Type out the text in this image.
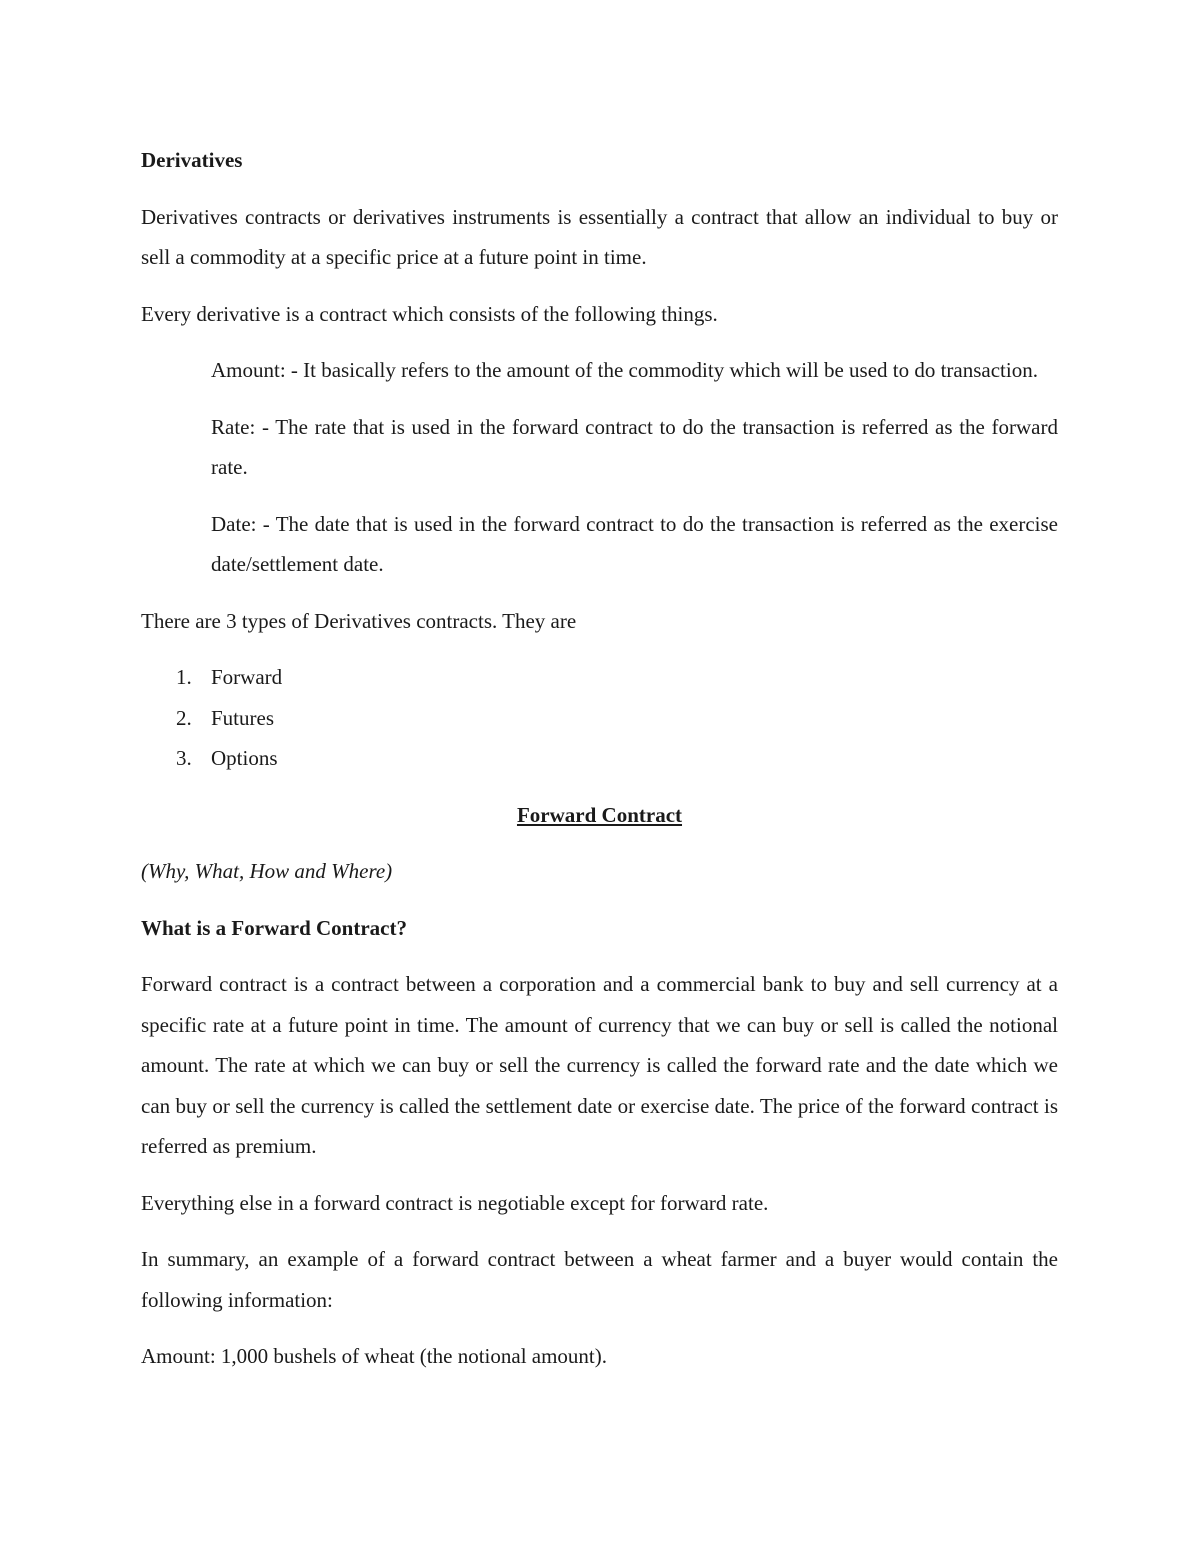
Derivatives

Derivatives contracts or derivatives instruments is essentially a contract that allow an individual to buy or sell a commodity at a specific price at a future point in time.

Every derivative is a contract which consists of the following things.

Amount: - It basically refers to the amount of the commodity which will be used to do transaction.

Rate: - The rate that is used in the forward contract to do the transaction is referred as the forward rate.

Date: - The date that is used in the forward contract to do the transaction is referred as the exercise date/settlement date.

There are 3 types of Derivatives contracts. They are

1. Forward
2. Futures
3. Options

Forward Contract

(Why, What, How and Where)

What is a Forward Contract?

Forward contract is a contract between a corporation and a commercial bank to buy and sell currency at a specific rate at a future point in time. The amount of currency that we can buy or sell is called the notional amount. The rate at which we can buy or sell the currency is called the forward rate and the date which we can buy or sell the currency is called the settlement date or exercise date. The price of the forward contract is referred as premium.

Everything else in a forward contract is negotiable except for forward rate.

In summary, an example of a forward contract between a wheat farmer and a buyer would contain the following information:

Amount: 1,000 bushels of wheat (the notional amount).
